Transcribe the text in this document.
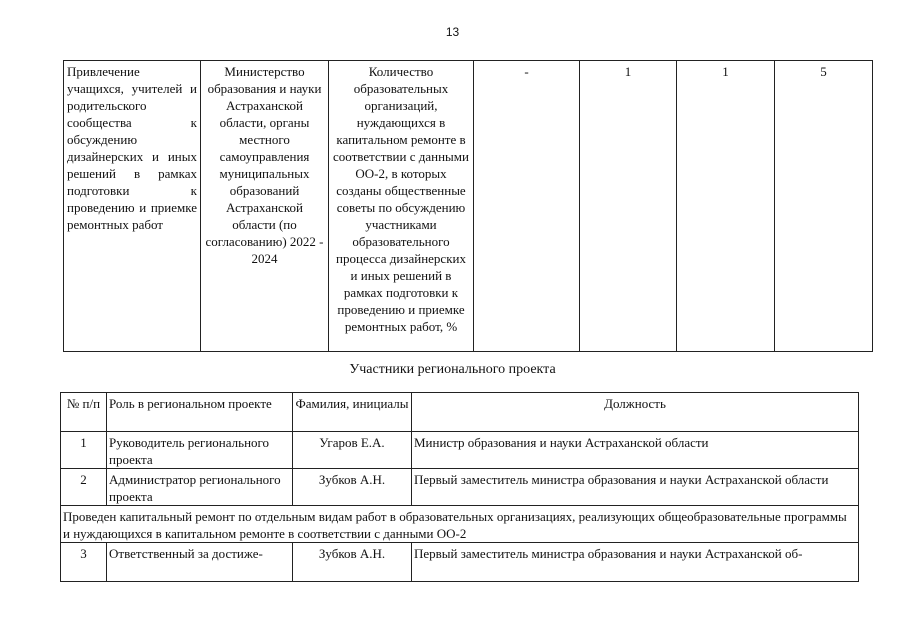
13
Привлечение учащихся, учителей и родительского сообщества к обсуждению дизайнерских и иных решений в рамках подготовки к проведению и приемке ремонтных работ	Министерство образования и науки Астраханской области, органы местного самоуправления муниципальных образований Астраханской области (по согласованию) 2022 - 2024	Количество образовательных организаций, нуждающихся в капитальном ремонте в соответствии с данными ОО-2, в которых созданы общественные советы по обсуждению участниками образовательного процесса дизайнерских и иных решений в рамках подготовки к проведению и приемке ремонтных работ, %	-	1	1	5
Участники регионального проекта
№ п/п	Роль в региональном проекте	Фамилия, инициалы	Должность
1	Руководитель регионального проекта	Угаров Е.А.	Министр образования и науки Астраханской области
2	Администратор регионального проекта	Зубков А.Н.	Первый заместитель министра образования и науки Астраханской области
Проведен капитальный ремонт по отдельным видам работ в образовательных организациях, реализующих общеобразовательные программы и нуждающихся в капитальном ремонте в соответствии с данными ОО-2			
3	Ответственный за достиже-	Зубков А.Н.	Первый заместитель министра образования и науки Астраханской об-
